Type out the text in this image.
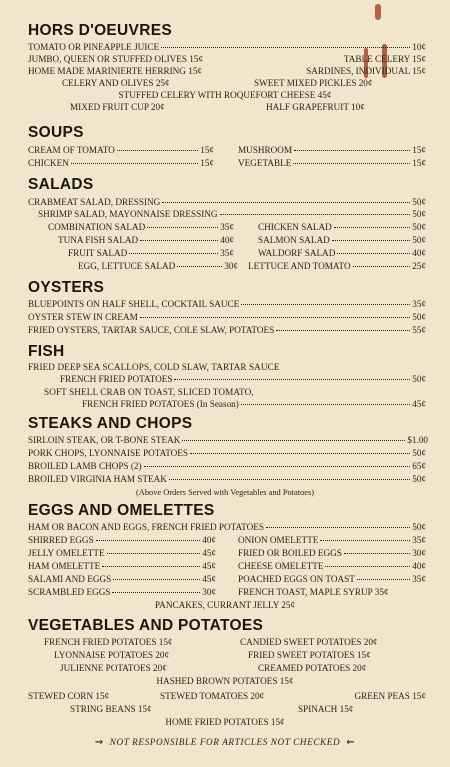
HORS D'OEUVRES
TOMATO OR PINEAPPLE JUICE	10¢
JUMBO, QUEEN OR STUFFED OLIVES 15¢	TABLE CELERY 15¢
HOME MADE MARINIERTE HERRING 15¢	SARDINES, INDIVIDUAL 15¢
CELERY AND OLIVES 25¢	SWEET MIXED PICKLES 20¢
STUFFED CELERY WITH ROQUEFORT CHEESE 45¢
MIXED FRUIT CUP 20¢	HALF GRAPEFRUIT 10¢
SOUPS
CREAM OF TOMATO	15¢	MUSHROOM	15¢
CHICKEN	15¢	VEGETABLE	15¢
SALADS
CRABMEAT SALAD, DRESSING	50¢
SHRIMP SALAD, MAYONNAISE DRESSING	50¢
COMBINATION SALAD	35¢	CHICKEN SALAD	50¢
TUNA FISH SALAD	40¢	SALMON SALAD	50¢
FRUIT SALAD	35¢	WALDORF SALAD	40¢
EGG, LETTUCE SALAD	30¢ LETTUCE AND TOMATO	25¢
OYSTERS
BLUEPOINTS ON HALF SHELL, COCKTAIL SAUCE	35¢
OYSTER STEW IN CREAM	50¢
FRIED OYSTERS, TARTAR SAUCE, COLE SLAW, POTATOES	55¢
FISH
FRIED DEEP SEA SCALLOPS, COLD SLAW, TARTAR SAUCE
FRENCH FRIED POTATOES	50¢
SOFT SHELL CRAB ON TOAST, SLICED TOMATO,
FRENCH FRIED POTATOES (In Season)	45¢
STEAKS AND CHOPS
SIRLOIN STEAK, OR T-BONE STEAK	$1.00
PORK CHOPS, LYONNAISE POTATOES	50¢
BROILED LAMB CHOPS (2)	65¢
BROILED VIRGINIA HAM STEAK	50¢
(Above Orders Served with Vegetables and Potatoes)
EGGS AND OMELETTES
HAM OR BACON AND EGGS, FRENCH FRIED POTATOES	50¢
SHIRRED EGGS	40¢ ONION OMELETTE	35¢
JELLY OMELETTE	45¢ FRIED OR BOILED EGGS	30¢
HAM OMELETTE	45¢ CHEESE OMELETTE	40¢
SALAMI AND EGGS	45¢ POACHED EGGS ON TOAST	35¢
SCRAMBLED EGGS	30¢ FRENCH TOAST, MAPLE SYRUP 35¢
PANCAKES, CURRANT JELLY 25¢
VEGETABLES AND POTATOES
FRENCH FRIED POTATOES 15¢	CANDIED SWEET POTATOES 20¢
LYONNAISE POTATOES 20¢	FRIED SWEET POTATOES 15¢
JULIENNE POTATOES 20¢	CREAMED POTATOES 20¢
HASHED BROWN POTATOES 15¢
STEWED CORN 15¢	STEWED TOMATOES 20¢	GREEN PEAS 15¢
STRING BEANS 15¢	SPINACH 15¢
HOME FRIED POTATOES 15¢
⇝ NOT RESPONSIBLE FOR ARTICLES NOT CHECKED ⇜
